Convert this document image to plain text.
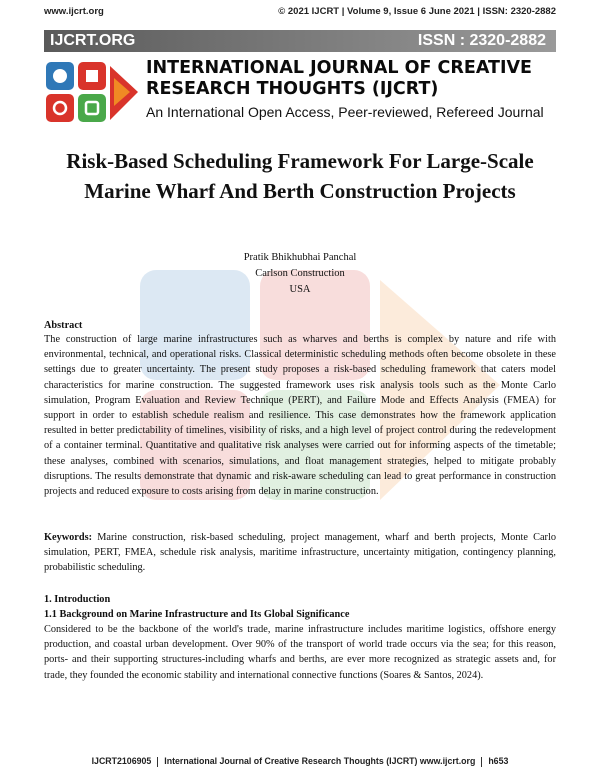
www.ijcrt.org	© 2021 IJCRT | Volume 9, Issue 6 June 2021 | ISSN: 2320-2882
IJCRT.ORG	ISSN : 2320-2882
INTERNATIONAL JOURNAL OF CREATIVE RESEARCH THOUGHTS (IJCRT)
An International Open Access, Peer-reviewed, Refereed Journal
Risk-Based Scheduling Framework For Large-Scale Marine Wharf And Berth Construction Projects
Pratik Bhikhubhai Panchal
Carlson Construction
USA
Abstract
The construction of large marine infrastructures such as wharves and berths is complex by nature and rife with environmental, technical, and operational risks. Classical deterministic scheduling methods often become obsolete in these settings due to greater uncertainty. The present study proposes a risk-based scheduling framework that caters model characteristics for marine construction. The suggested framework uses risk analysis tools such as the Monte Carlo simulation, Program Evaluation and Review Technique (PERT), and Failure Mode and Effects Analysis (FMEA) for support in order to establish schedule realism and resilience. This case demonstrates how the framework application resulted in better predictability of timelines, visibility of risks, and a high level of project control during the redevelopment of a container terminal. Quantitative and qualitative risk analyses were carried out for informing aspects of the timetable; these analyses, combined with scenarios, simulations, and float management strategies, helped to mitigate probably disruptions. The results demonstrate that dynamic and risk-aware scheduling can lead to great performance in construction projects and reduced exposure to costs arising from delay in marine construction.
Keywords: Marine construction, risk-based scheduling, project management, wharf and berth projects, Monte Carlo simulation, PERT, FMEA, schedule risk analysis, maritime infrastructure, uncertainty mitigation, contingency planning, probabilistic scheduling.
1. Introduction
1.1 Background on Marine Infrastructure and Its Global Significance
Considered to be the backbone of the world's trade, marine infrastructure includes maritime logistics, offshore energy production, and coastal urban development. Over 90% of the transport of world trade occurs via the sea; for this reason, ports- and their supporting structures-including wharfs and berths, are ever more recognized as strategic assets and, for trade, they founded the economic stability and international connective functions (Soares & Santos, 2024).
IJCRT2106905 International Journal of Creative Research Thoughts (IJCRT) www.ijcrt.org h653
